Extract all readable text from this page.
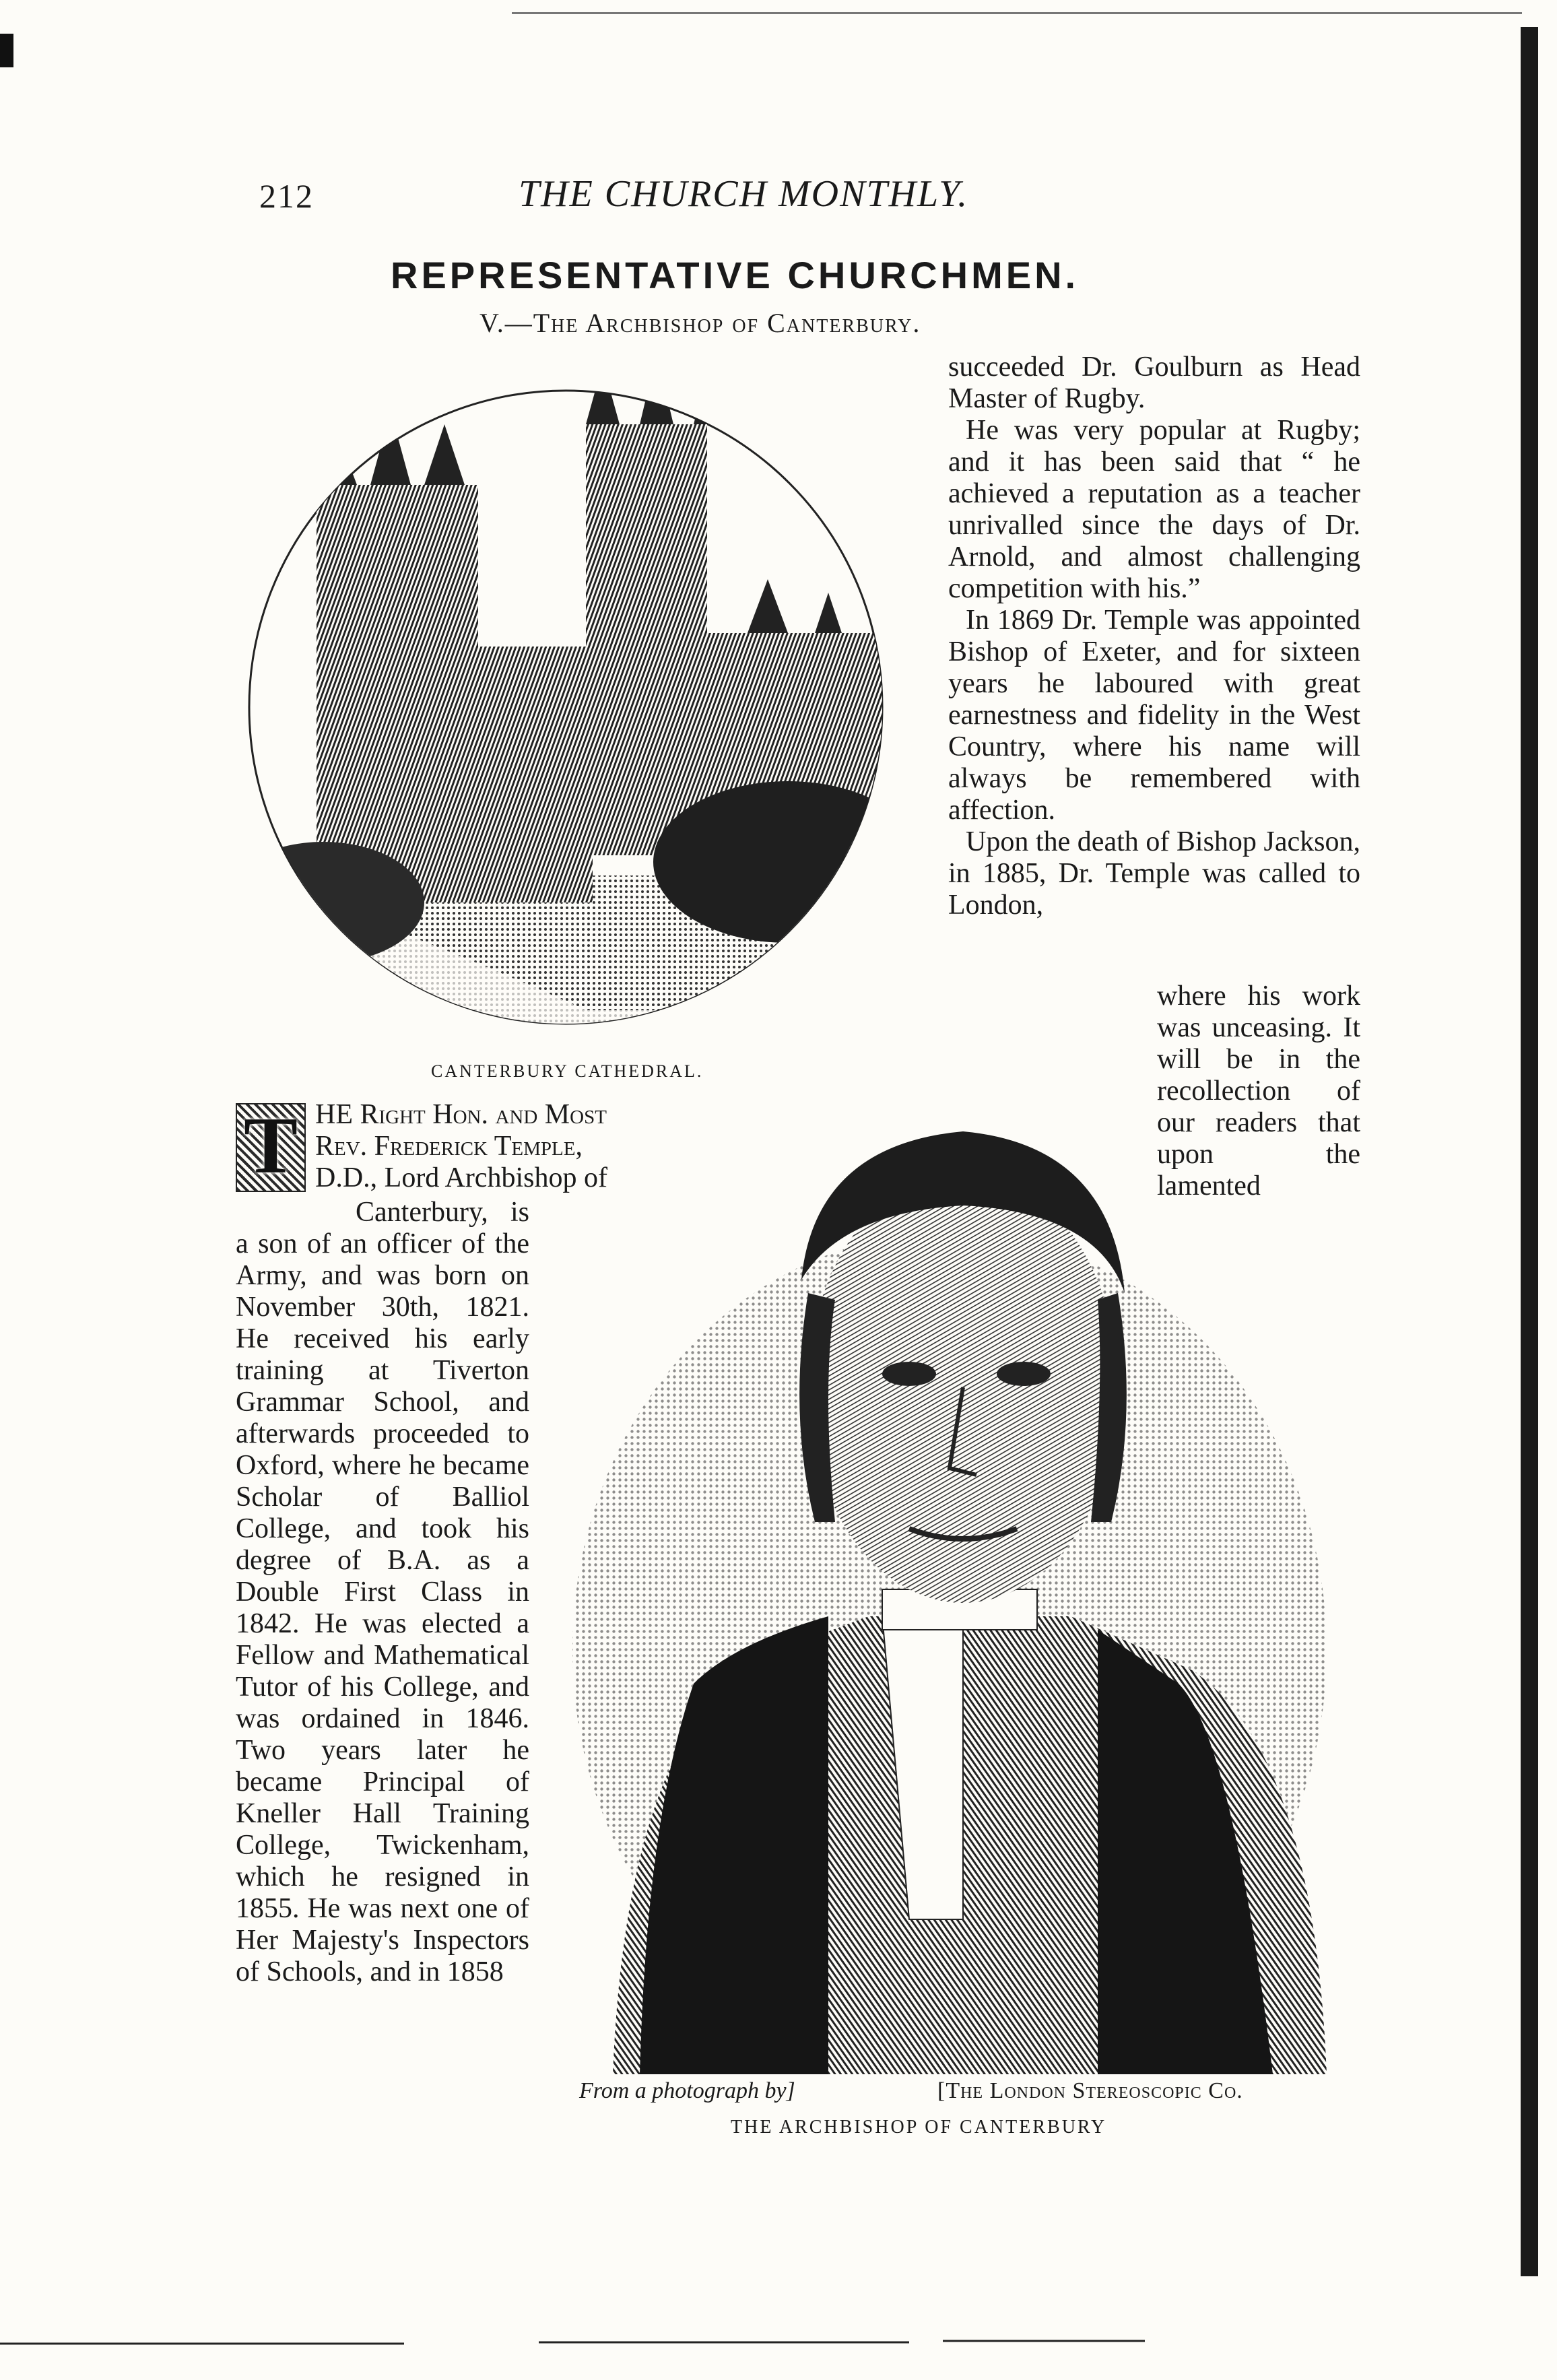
212	THE CHURCH MONTHLY.
REPRESENTATIVE CHURCHMEN.
V.—The Archbishop of Canterbury.
CANTERBURY CATHEDRAL.

succeeded Dr. Goulburn as Head Master of Rugby.

He was very popular at Rugby; and it has been said that “ he achieved a reputation as a teacher unrivalled since the days of Dr. Arnold, and almost challenging competition with his.”

In 1869 Dr. Temple was appointed Bishop of Exeter, and for sixteen years he laboured with great earnestness and fidelity in the West Country, where his name will always be remembered with affection.

Upon the death of Bishop Jackson, in 1885, Dr. Temple was called to London,

where his work was unceasing. It will be in the recollection of our readers that upon the lamented

From a photograph by]	[The London Stereoscopic Co.
THE ARCHBISHOP OF CANTERBURY
T HE Right Hon. and Most
Rev. Frederick Temple,
D.D., Lord Archbishop of

Canterbury, is a son of an officer of the Army, and was born on November 30th, 1821. He received his early training at Tiverton Grammar School, and afterwards proceeded to Oxford, where he became Scholar of Balliol College, and took his degree of B.A. as a Double First Class in 1842. He was elected a Fellow and Mathematical Tutor of his College, and was ordained in 1846. Two years later he became Principal of Kneller Hall Training College, Twickenham, which he resigned in 1855. He was next one of Her Majesty's Inspectors of Schools, and in 1858
